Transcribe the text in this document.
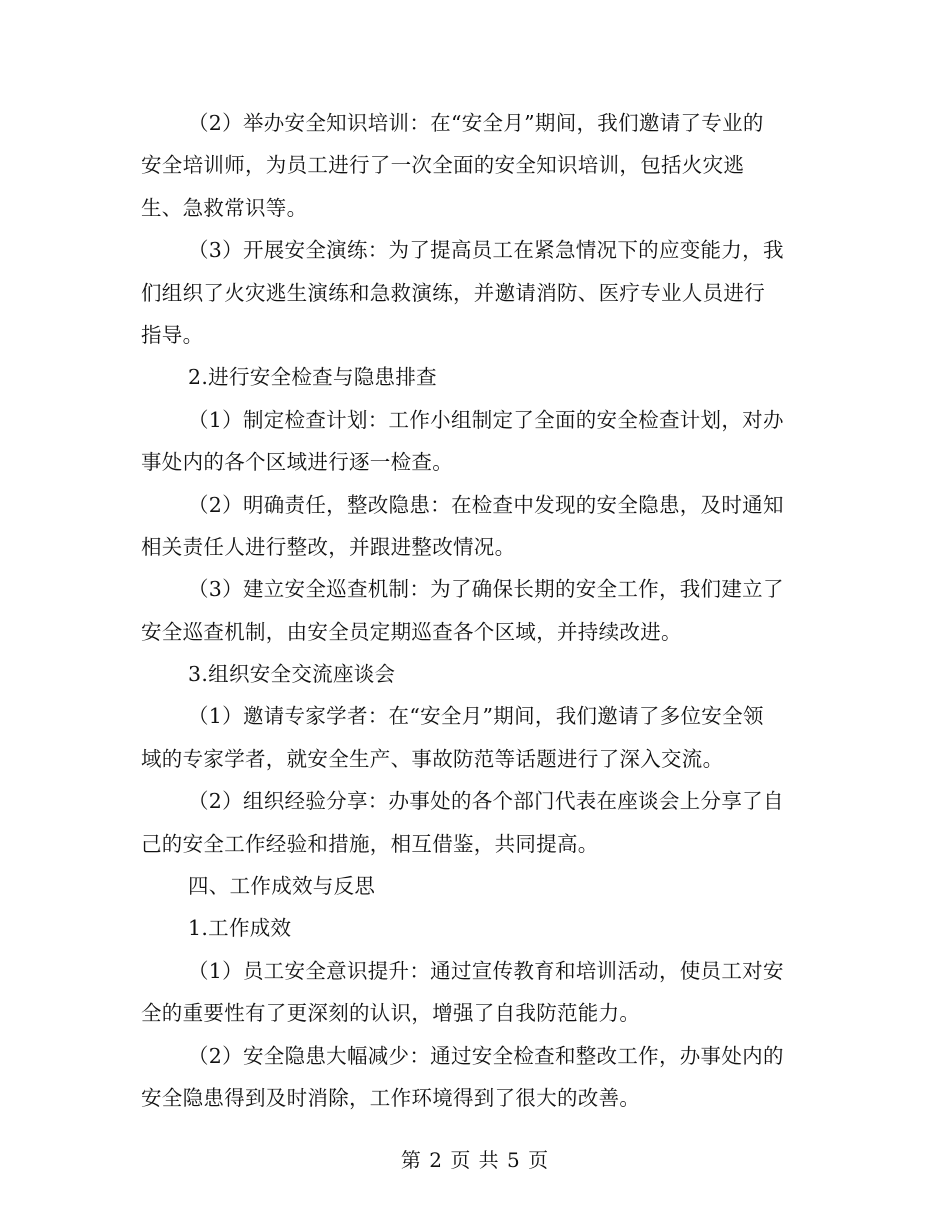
（2）举办安全知识培训：在“安全月”期间，我们邀请了专业的
安全培训师，为员工进行了一次全面的安全知识培训，包括火灾逃
生、急救常识等。
（3）开展安全演练：为了提高员工在紧急情况下的应变能力，我
们组织了火灾逃生演练和急救演练，并邀请消防、医疗专业人员进行
指导。
2.进行安全检查与隐患排查
（1）制定检查计划：工作小组制定了全面的安全检查计划，对办
事处内的各个区域进行逐一检查。
（2）明确责任，整改隐患：在检查中发现的安全隐患，及时通知
相关责任人进行整改，并跟进整改情况。
（3）建立安全巡查机制：为了确保长期的安全工作，我们建立了
安全巡查机制，由安全员定期巡查各个区域，并持续改进。
3.组织安全交流座谈会
（1）邀请专家学者：在“安全月”期间，我们邀请了多位安全领
域的专家学者，就安全生产、事故防范等话题进行了深入交流。
（2）组织经验分享：办事处的各个部门代表在座谈会上分享了自
己的安全工作经验和措施，相互借鉴，共同提高。
四、工作成效与反思
1.工作成效
（1）员工安全意识提升：通过宣传教育和培训活动，使员工对安
全的重要性有了更深刻的认识，增强了自我防范能力。
（2）安全隐患大幅减少：通过安全检查和整改工作，办事处内的
安全隐患得到及时消除，工作环境得到了很大的改善。
第 2 页 共 5 页
